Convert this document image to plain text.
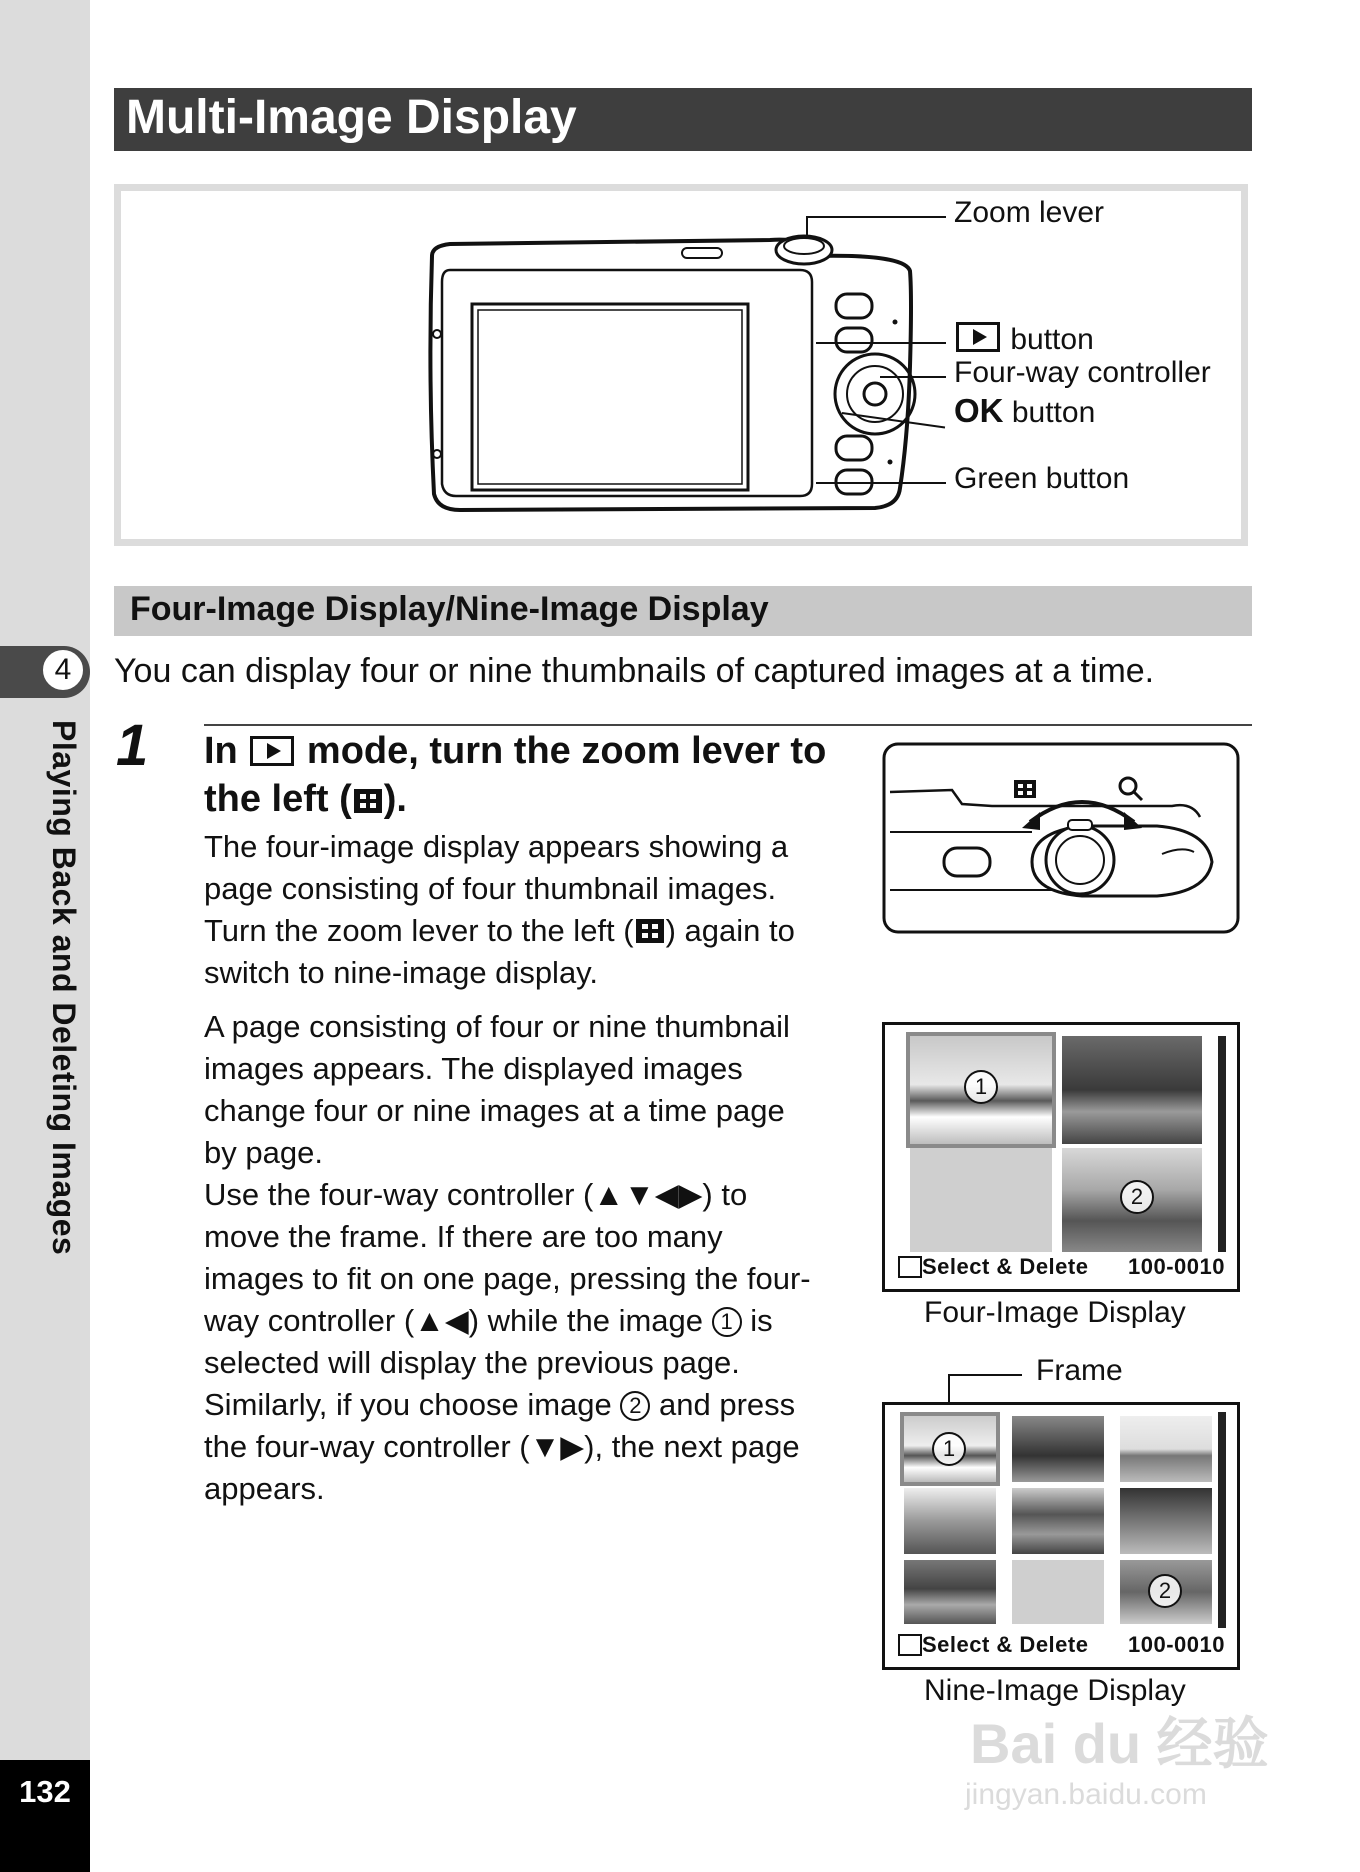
4
Playing Back and Deleting Images
132
Multi-Image Display
Zoom lever
button
Four-way controller
OK button
Green button
Four-Image Display/Nine-Image Display
You can display four or nine thumbnails of captured images at a time.
1 In mode, turn the zoom lever to
the left ( ).
The four-image display appears showing a
page consisting of four thumbnail images.
Turn the zoom lever to the left ( ) again to
switch to nine-image display.
A page consisting of four or nine thumbnail
images appears. The displayed images
change four or nine images at a time page
by page.
Use the four-way controller (▲▼◀▶) to
move the frame. If there are too many
images to fit on one page, pressing the four-
way controller (▲◀) while the image 1 is
selected will display the previous page.
Similarly, if you choose image 2 and press
the four-way controller (▼▶), the next page
appears.
1
2
Select & Delete 100-0010
Four-Image Display
Frame
1
2
Select & Delete 100-0010
Nine-Image Display
Bai du 经验
jingyan.baidu.com
